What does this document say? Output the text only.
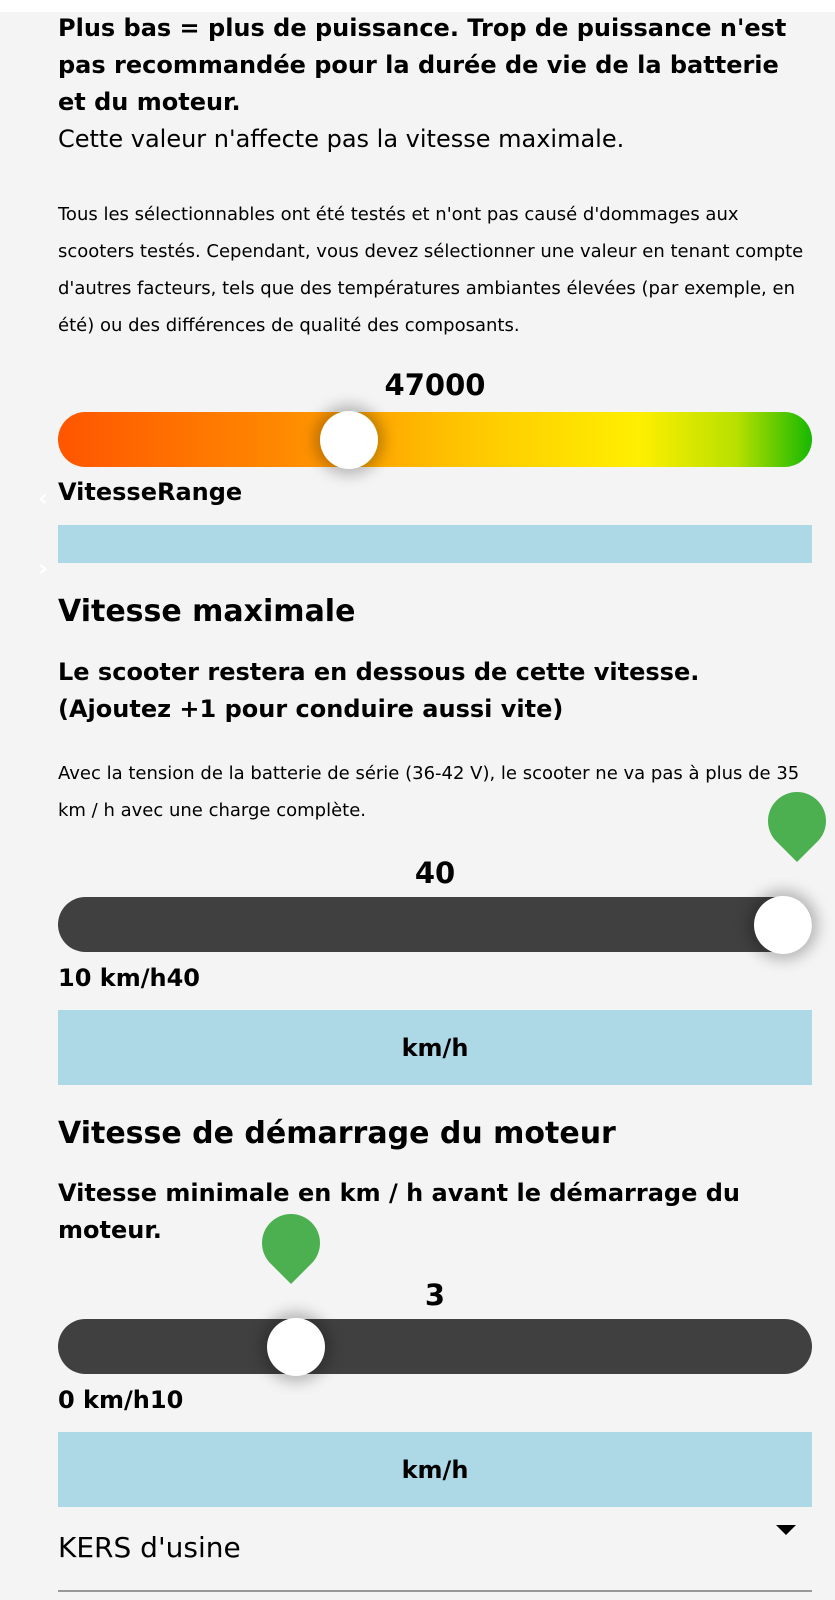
Plus bas = plus de puissance. Trop de puissance n'est pas recommandée pour la durée de vie de la batterie et du moteur.
Cette valeur n'affecte pas la vitesse maximale.
Tous les sélectionnables ont été testés et n'ont pas causé d'dommages aux scooters testés. Cependant, vous devez sélectionner une valeur en tenant compte d'autres facteurs, tels que des températures ambiantes élevées (par exemple, en été) ou des différences de qualité des composants.
47000
VitesseRange
Vitesse maximale
Le scooter restera en dessous de cette vitesse. (Ajoutez +1 pour conduire aussi vite)
Avec la tension de la batterie de série (36-42 V), le scooter ne va pas à plus de 35 km / h avec une charge complète.
40
10 km/h40
km/h
Vitesse de démarrage du moteur
Vitesse minimale en km / h avant le démarrage du moteur.
3
0 km/h10
km/h
‹
›
KERS d'usine
